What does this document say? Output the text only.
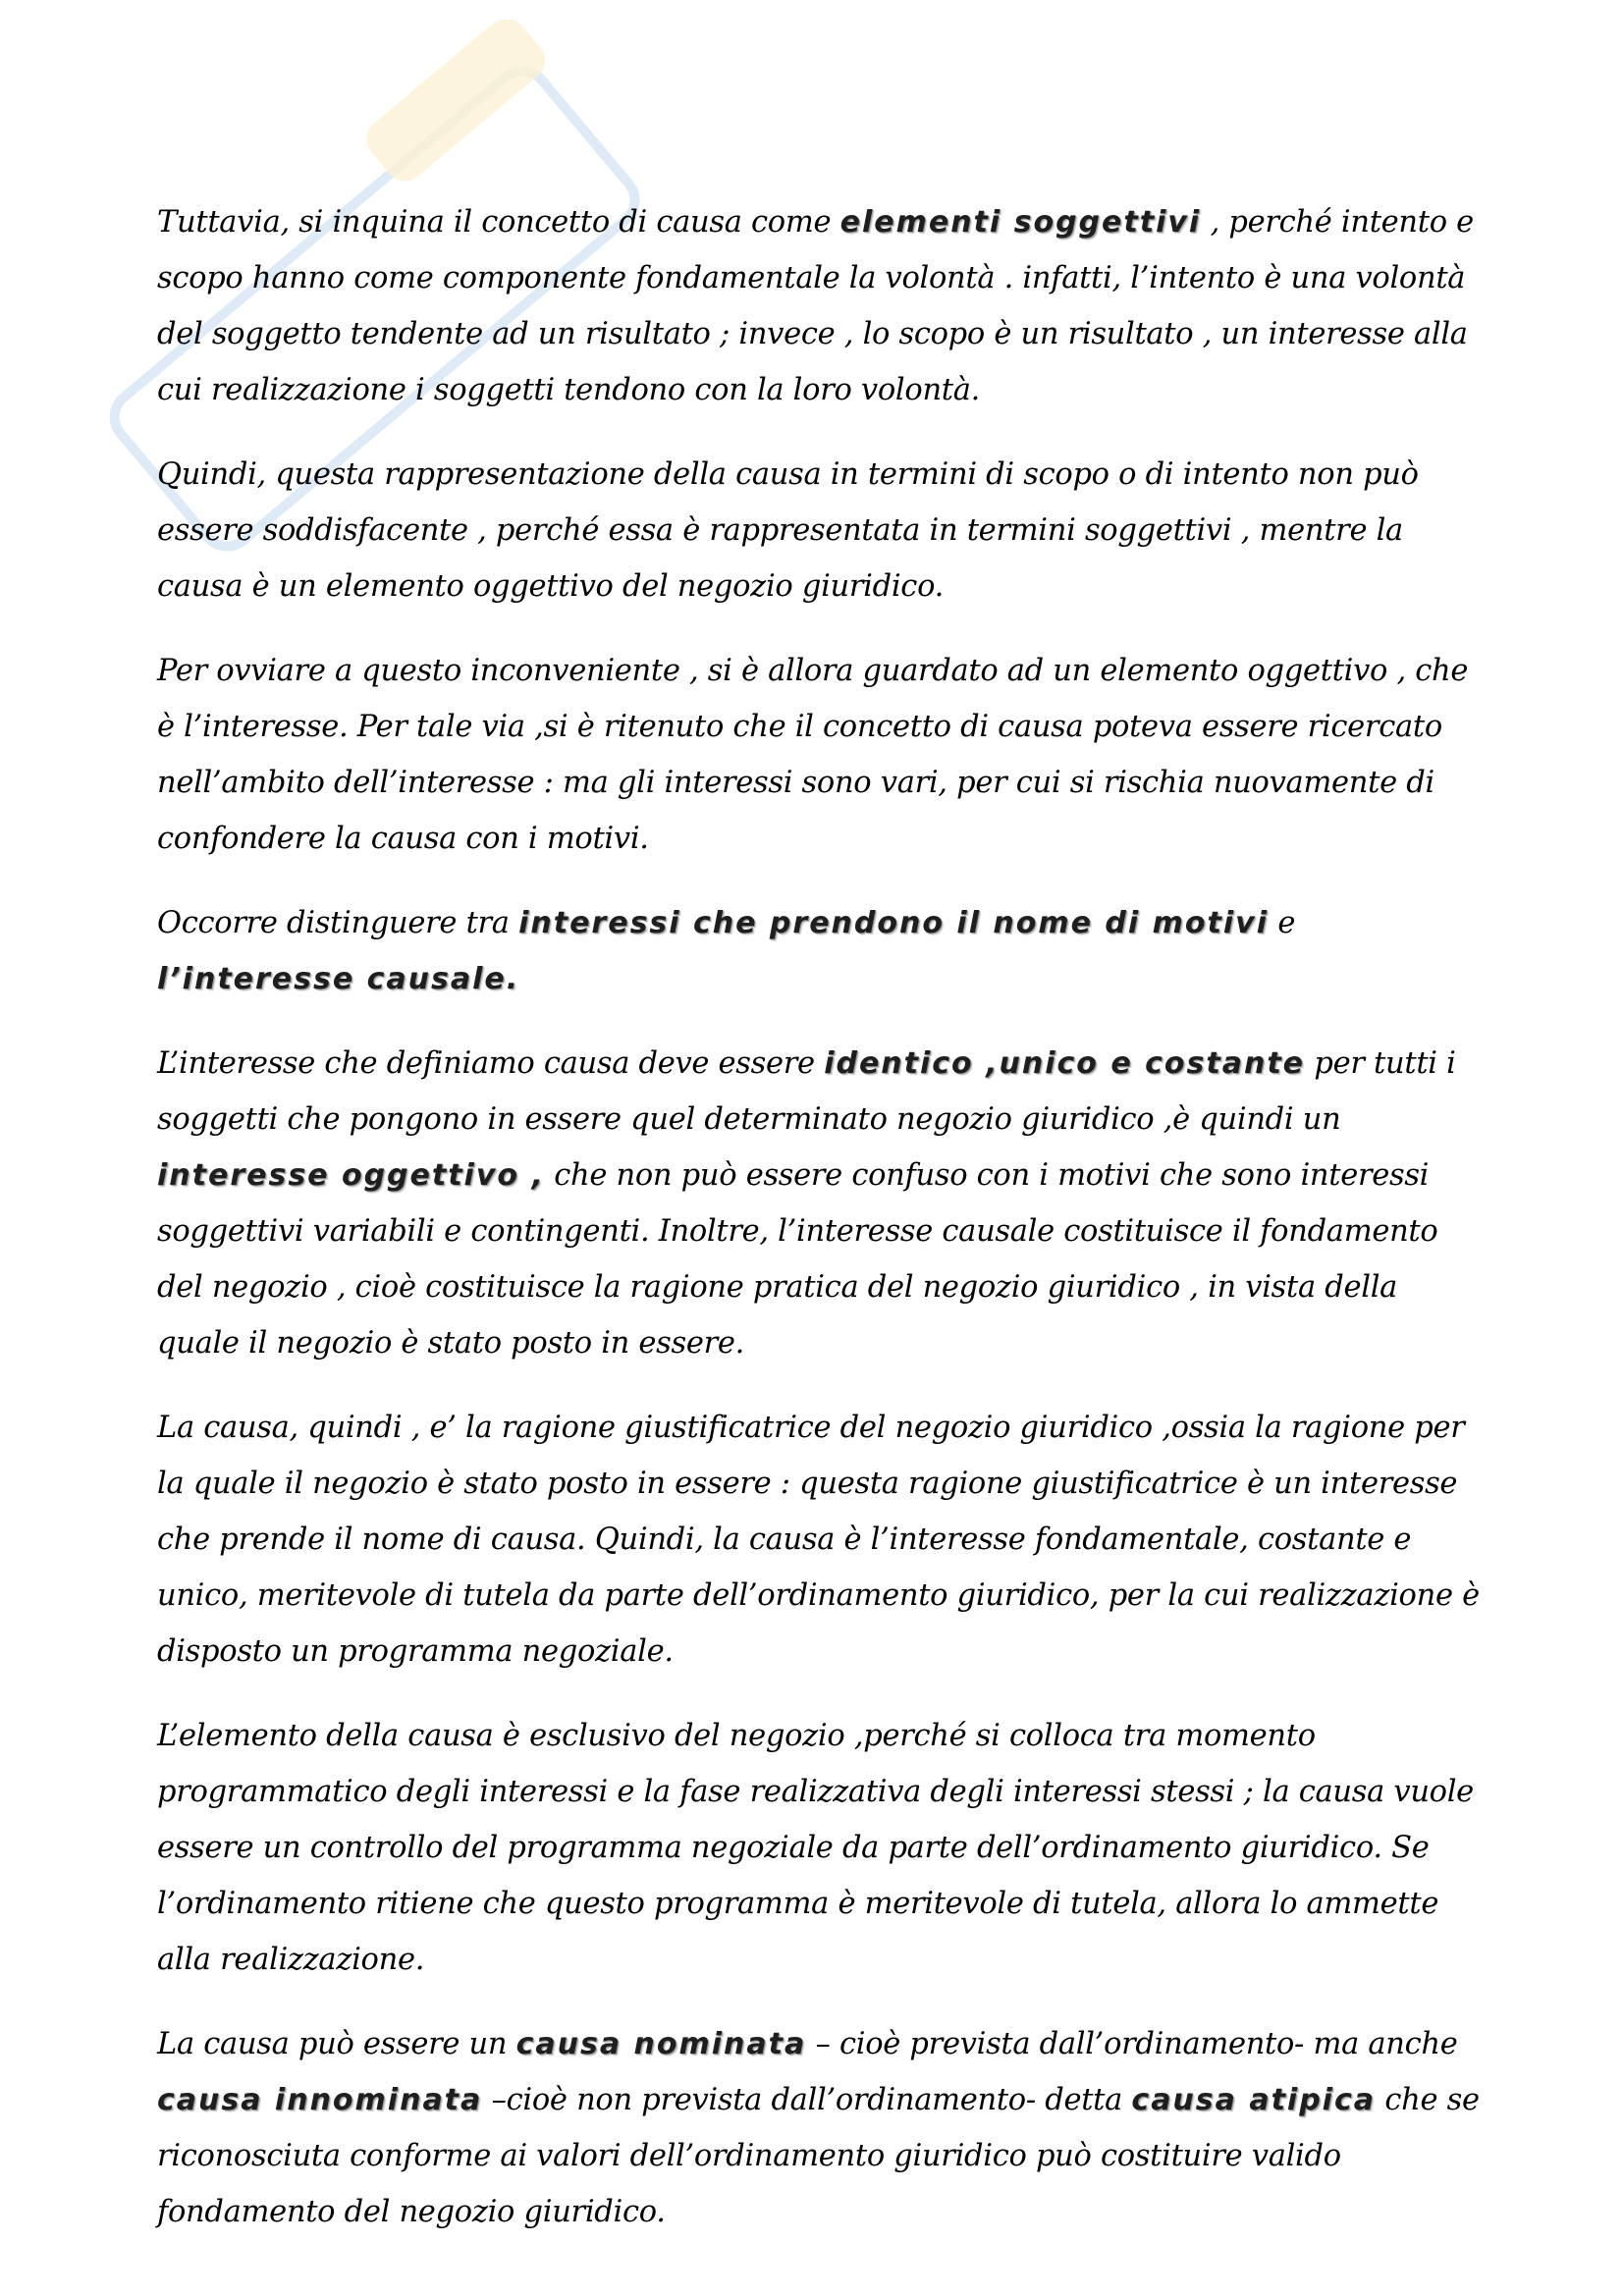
Tuttavia, si inquina il concetto di causa come elementi soggettivi , perché intento e scopo hanno come componente fondamentale la volontà . infatti, l’intento è una volontà del soggetto tendente ad un risultato ; invece , lo scopo è un risultato , un interesse alla cui realizzazione i soggetti tendono con la loro volontà.

Quindi, questa rappresentazione della causa in termini di scopo o di intento non può essere soddisfacente , perché essa è rappresentata in termini soggettivi , mentre la causa è un elemento oggettivo del negozio giuridico.

Per ovviare a questo inconveniente , si è allora guardato ad un elemento oggettivo , che è l’interesse. Per tale via ,si è ritenuto che il concetto di causa poteva essere ricercato nell’ambito dell’interesse : ma gli interessi sono vari, per cui si rischia nuovamente di confondere la causa con i motivi.

Occorre distinguere tra interessi che prendono il nome di motivi e l’interesse causale.

L’interesse che definiamo causa deve essere identico ,unico e costante per tutti i soggetti che pongono in essere quel determinato negozio giuridico ,è quindi un interesse oggettivo , che non può essere confuso con i motivi che sono interessi soggettivi variabili e contingenti. Inoltre, l’interesse causale costituisce il fondamento del negozio , cioè costituisce la ragione pratica del negozio giuridico , in vista della quale il negozio è stato posto in essere.

La causa, quindi , e’ la ragione giustificatrice del negozio giuridico ,ossia la ragione per la quale il negozio è stato posto in essere : questa ragione giustificatrice è un interesse che prende il nome di causa. Quindi, la causa è l’interesse fondamentale, costante e unico, meritevole di tutela da parte dell’ordinamento giuridico, per la cui realizzazione è disposto un programma negoziale.

L’elemento della causa è esclusivo del negozio ,perché si colloca tra momento programmatico degli interessi e la fase realizzativa degli interessi stessi ; la causa vuole essere un controllo del programma negoziale da parte dell’ordinamento giuridico. Se l’ordinamento ritiene che questo programma è meritevole di tutela, allora lo ammette alla realizzazione.

La causa può essere un causa nominata – cioè prevista dall’ordinamento- ma anche causa innominata –cioè non prevista dall’ordinamento- detta causa atipica che se riconosciuta conforme ai valori dell’ordinamento giuridico può costituire valido fondamento del negozio giuridico.
